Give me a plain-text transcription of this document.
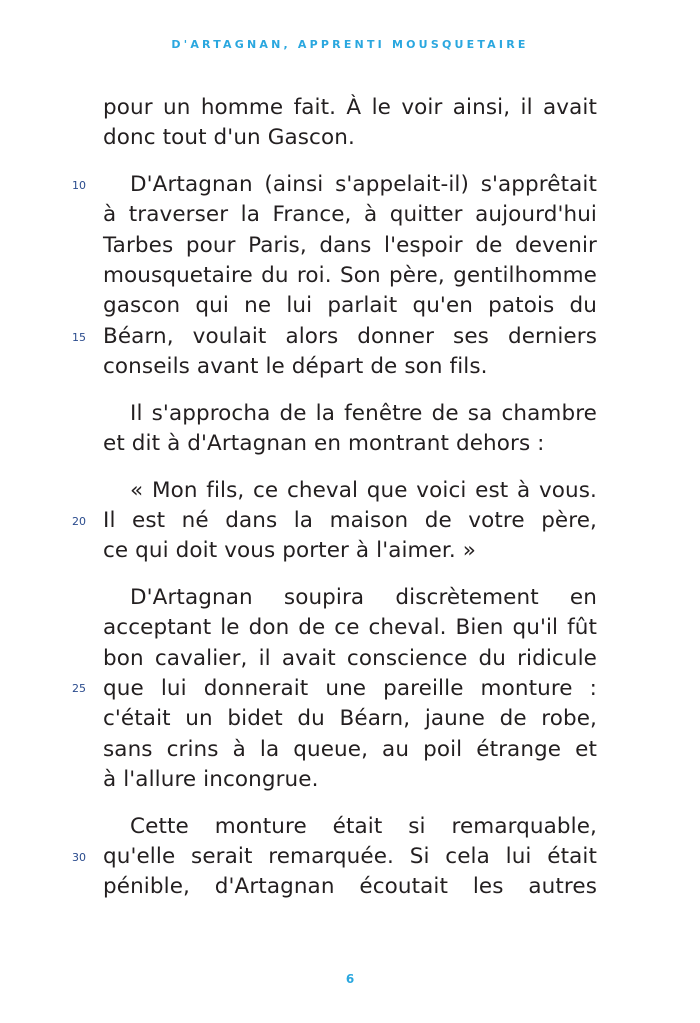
D'ARTAGNAN, APPRENTI MOUSQUETAIRE
pour un homme fait. À le voir ainsi, il avait
donc tout d'un Gascon.
D'Artagnan (ainsi s'appelait-il) s'apprêtait
à traverser la France, à quitter aujourd'hui
Tarbes pour Paris, dans l'espoir de devenir
mousquetaire du roi. Son père, gentilhomme
gascon qui ne lui parlait qu'en patois du
Béarn, voulait alors donner ses derniers
conseils avant le départ de son fils.
Il s'approcha de la fenêtre de sa chambre
et dit à d'Artagnan en montrant dehors :
« Mon fils, ce cheval que voici est à vous.
Il est né dans la maison de votre père,
ce qui doit vous porter à l'aimer. »
D'Artagnan soupira discrètement en
acceptant le don de ce cheval. Bien qu'il fût
bon cavalier, il avait conscience du ridicule
que lui donnerait une pareille monture :
c'était un bidet du Béarn, jaune de robe,
sans crins à la queue, au poil étrange et
à l'allure incongrue.
Cette monture était si remarquable,
qu'elle serait remarquée. Si cela lui était
pénible, d'Artagnan écoutait les autres
10
15
20
25
30
6
